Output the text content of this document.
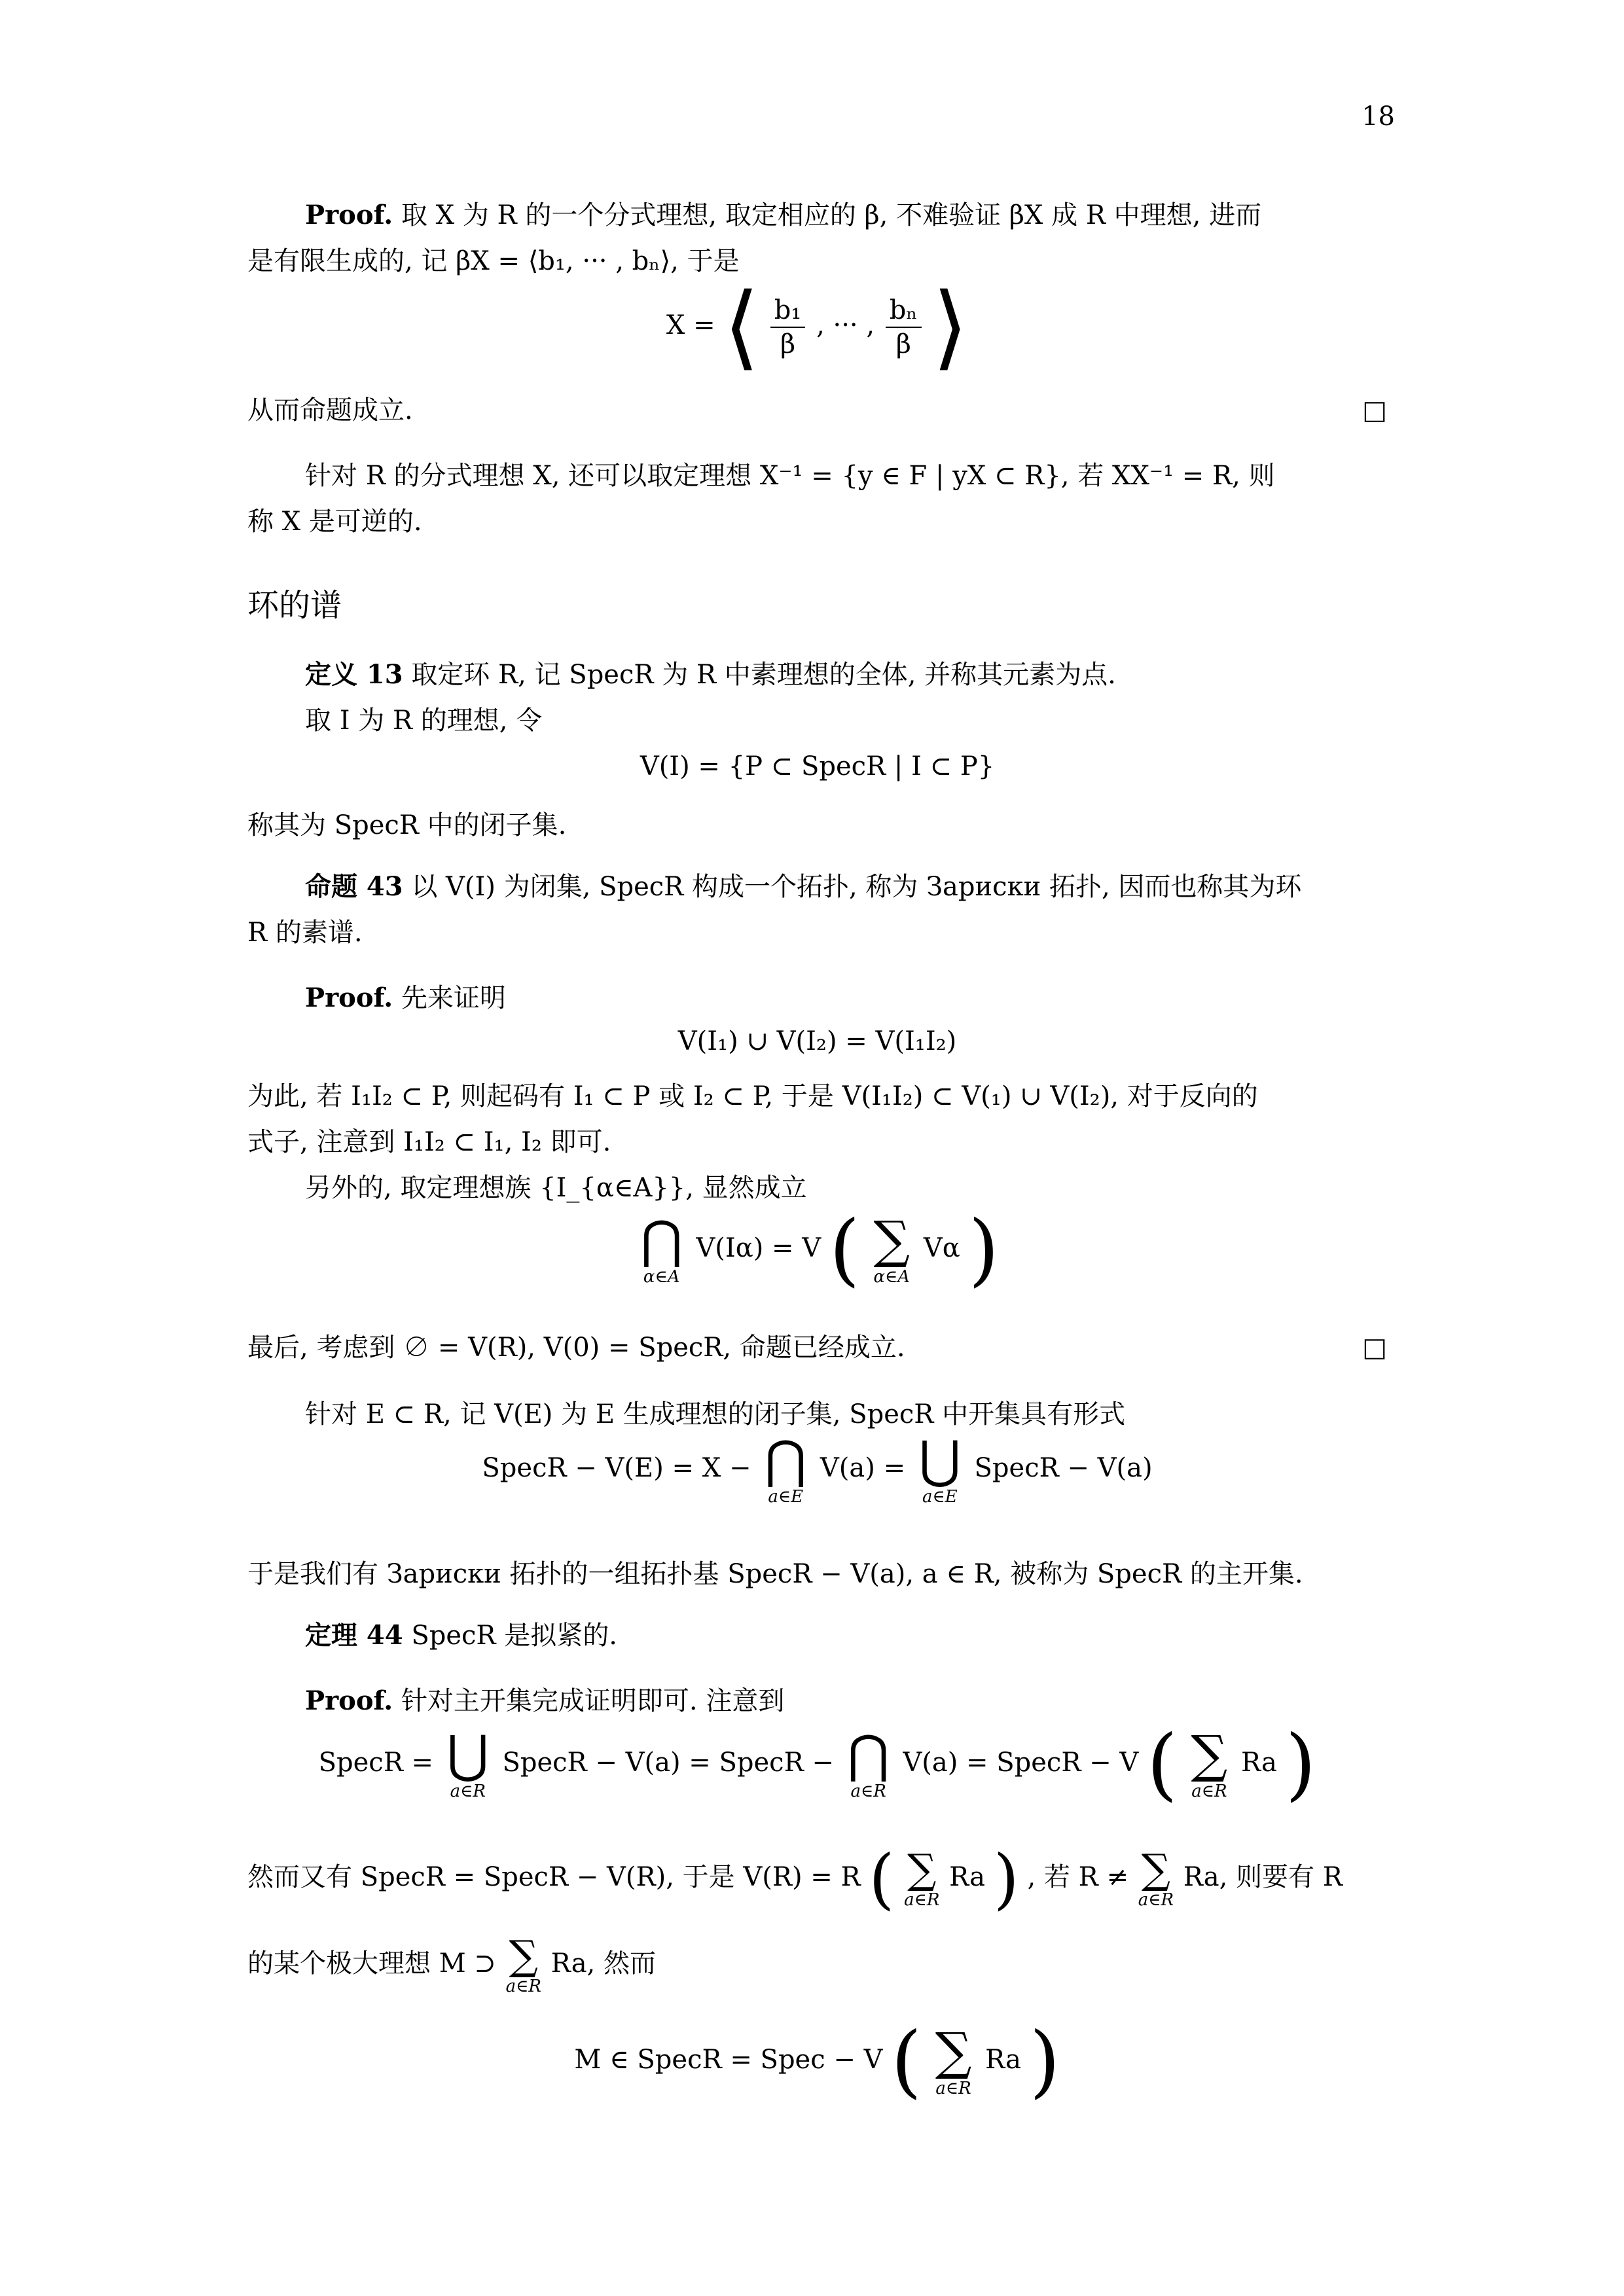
18
Proof. 取 X 为 R 的一个分式理想, 取定相应的 β, 不难验证 βX 成 R 中理想, 进而
是有限生成的, 记 βX = ⟨b₁, ··· , bₙ⟩, 于是
X = ⟨ $\frac{\text{b₁}}{\beta}$ , ··· , $\frac{\text{bₙ}}{\beta}$ ⟩
从而命题成立.	□
针对 R 的分式理想 X, 还可以取定理想 X⁻¹ = {y ∈ F | yX ⊂ R}, 若 XX⁻¹ = R, 则
称 X 是可逆的.
环的谱
定义 13 取定环 R, 记 SpecR 为 R 中素理想的全体, 并称其元素为点.
取 I 为 R 的理想, 令
V(I) = {P ⊂ SpecR | I ⊂ P}
称其为 SpecR 中的闭子集.
命题 43 以 V(I) 为闭集, SpecR 构成一个拓扑, 称为 Зариски 拓扑, 因而也称其为环
R 的素谱.
Proof. 先来证明
V(I₁) ∪ V(I₂) = V(I₁I₂)
为此, 若 I₁I₂ ⊂ P, 则起码有 I₁ ⊂ P 或 I₂ ⊂ P, 于是 V(I₁I₂) ⊂ V(₁) ∪ V(I₂), 对于反向的
式子, 注意到 I₁I₂ ⊂ I₁, I₂ 即可.
另外的, 取定理想族 {I_{α∈A}}, 显然成立
⋂
α∈A
V(Iα) = V ( ∑
α∈A
Vα )
最后, 考虑到 ∅ = V(R), V(0) = SpecR, 命题已经成立.	□
针对 E ⊂ R, 记 V(E) 为 E 生成理想的闭子集, SpecR 中开集具有形式
SpecR − V(E) = X − ⋂
a∈E
V(a) = ⋃
a∈E
SpecR − V(a)
于是我们有 Зариски 拓扑的一组拓扑基 SpecR − V(a), a ∈ R, 被称为 SpecR 的主开集.
定理 44 SpecR 是拟紧的.
Proof. 针对主开集完成证明即可. 注意到
SpecR = ⋃
a∈R
SpecR − V(a) = SpecR − ⋂
a∈R
V(a) = SpecR − V ( ∑
a∈R
Ra )
然而又有 SpecR = SpecR − V(R), 于是 V(R) = R ( ∑
a∈R
Ra ) , 若 R ≠ ∑
a∈R
Ra, 则要有 R
的某个极大理想 M ⊃ ∑
a∈R
Ra, 然而
M ∈ SpecR = Spec − V ( ∑
a∈R
Ra )
